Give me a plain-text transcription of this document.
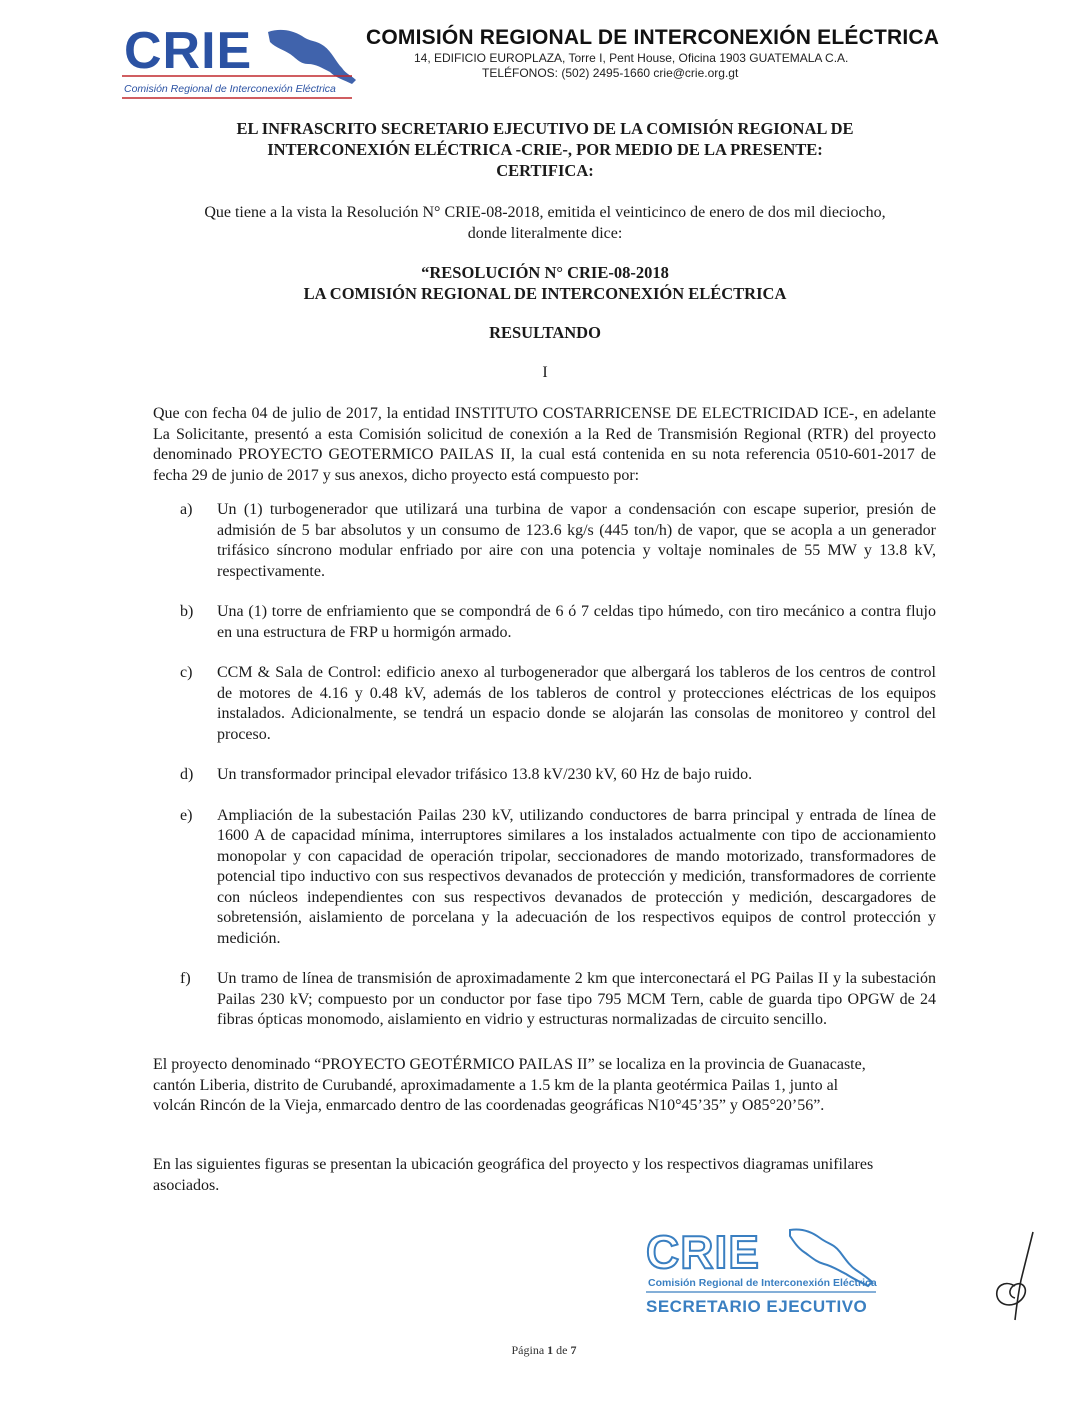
CRIE
Comisión Regional de Interconexión Eléctrica
COMISIÓN REGIONAL DE INTERCONEXIÓN ELÉCTRICA
14, EDIFICIO EUROPLAZA, Torre I, Pent House, Oficina 1903 GUATEMALA C.A.
TELÉFONOS: (502) 2495-1660 crie@crie.org.gt
EL INFRASCRITO SECRETARIO EJECUTIVO DE LA COMISIÓN REGIONAL DE
INTERCONEXIÓN ELÉCTRICA -CRIE-, POR MEDIO DE LA PRESENTE:
CERTIFICA:
Que tiene a la vista la Resolución N° CRIE-08-2018, emitida el veinticinco de enero de dos mil dieciocho,
donde literalmente dice:
“RESOLUCIÓN N° CRIE-08-2018
LA COMISIÓN REGIONAL DE INTERCONEXIÓN ELÉCTRICA
RESULTANDO
I
Que con fecha 04 de julio de 2017, la entidad INSTITUTO COSTARRICENSE DE ELECTRICIDAD ICE-, en adelante La Solicitante, presentó a esta Comisión solicitud de conexión a la Red de Transmisión Regional (RTR) del proyecto denominado PROYECTO GEOTERMICO PAILAS II, la cual está contenida en su nota referencia 0510-601-2017 de fecha 29 de junio de 2017 y sus anexos, dicho proyecto está compuesto por:
a) Un (1) turbogenerador que utilizará una turbina de vapor a condensación con escape superior, presión de admisión de 5 bar absolutos y un consumo de 123.6 kg/s (445 ton/h) de vapor, que se acopla a un generador trifásico síncrono modular enfriado por aire con una potencia y voltaje nominales de 55 MW y 13.8 kV, respectivamente.
b) Una (1) torre de enfriamiento que se compondrá de 6 ó 7 celdas tipo húmedo, con tiro mecánico a contra flujo en una estructura de FRP u hormigón armado.
c) CCM & Sala de Control: edificio anexo al turbogenerador que albergará los tableros de los centros de control de motores de 4.16 y 0.48 kV, además de los tableros de control y protecciones eléctricas de los equipos instalados. Adicionalmente, se tendrá un espacio donde se alojarán las consolas de monitoreo y control del proceso.
d) Un transformador principal elevador trifásico 13.8 kV/230 kV, 60 Hz de bajo ruido.
e) Ampliación de la subestación Pailas 230 kV, utilizando conductores de barra principal y entrada de línea de 1600 A de capacidad mínima, interruptores similares a los instalados actualmente con tipo de accionamiento monopolar y con capacidad de operación tripolar, seccionadores de mando motorizado, transformadores de potencial tipo inductivo con sus respectivos devanados de protección y medición, transformadores de corriente con núcleos independientes con sus respectivos devanados de protección y medición, descargadores de sobretensión, aislamiento de porcelana y la adecuación de los respectivos equipos de control protección y medición.
f) Un tramo de línea de transmisión de aproximadamente 2 km que interconectará el PG Pailas II y la subestación Pailas 230 kV; compuesto por un conductor por fase tipo 795 MCM Tern, cable de guarda tipo OPGW de 24 fibras ópticas monomodo, aislamiento en vidrio y estructuras normalizadas de circuito sencillo.
El proyecto denominado “PROYECTO GEOTÉRMICO PAILAS II” se localiza en la provincia de Guanacaste, cantón Liberia, distrito de Curubandé, aproximadamente a 1.5 km de la planta geotérmica Pailas 1, junto al volcán Rincón de la Vieja, enmarcado dentro de las coordenadas geográficas N10°45’35” y O85°20’56”.
En las siguientes figuras se presentan la ubicación geográfica del proyecto y los respectivos diagramas unifilares asociados.
CRIE
Comisión Regional de Interconexión Eléctrica
SECRETARIO EJECUTIVO
Página 1 de 7
